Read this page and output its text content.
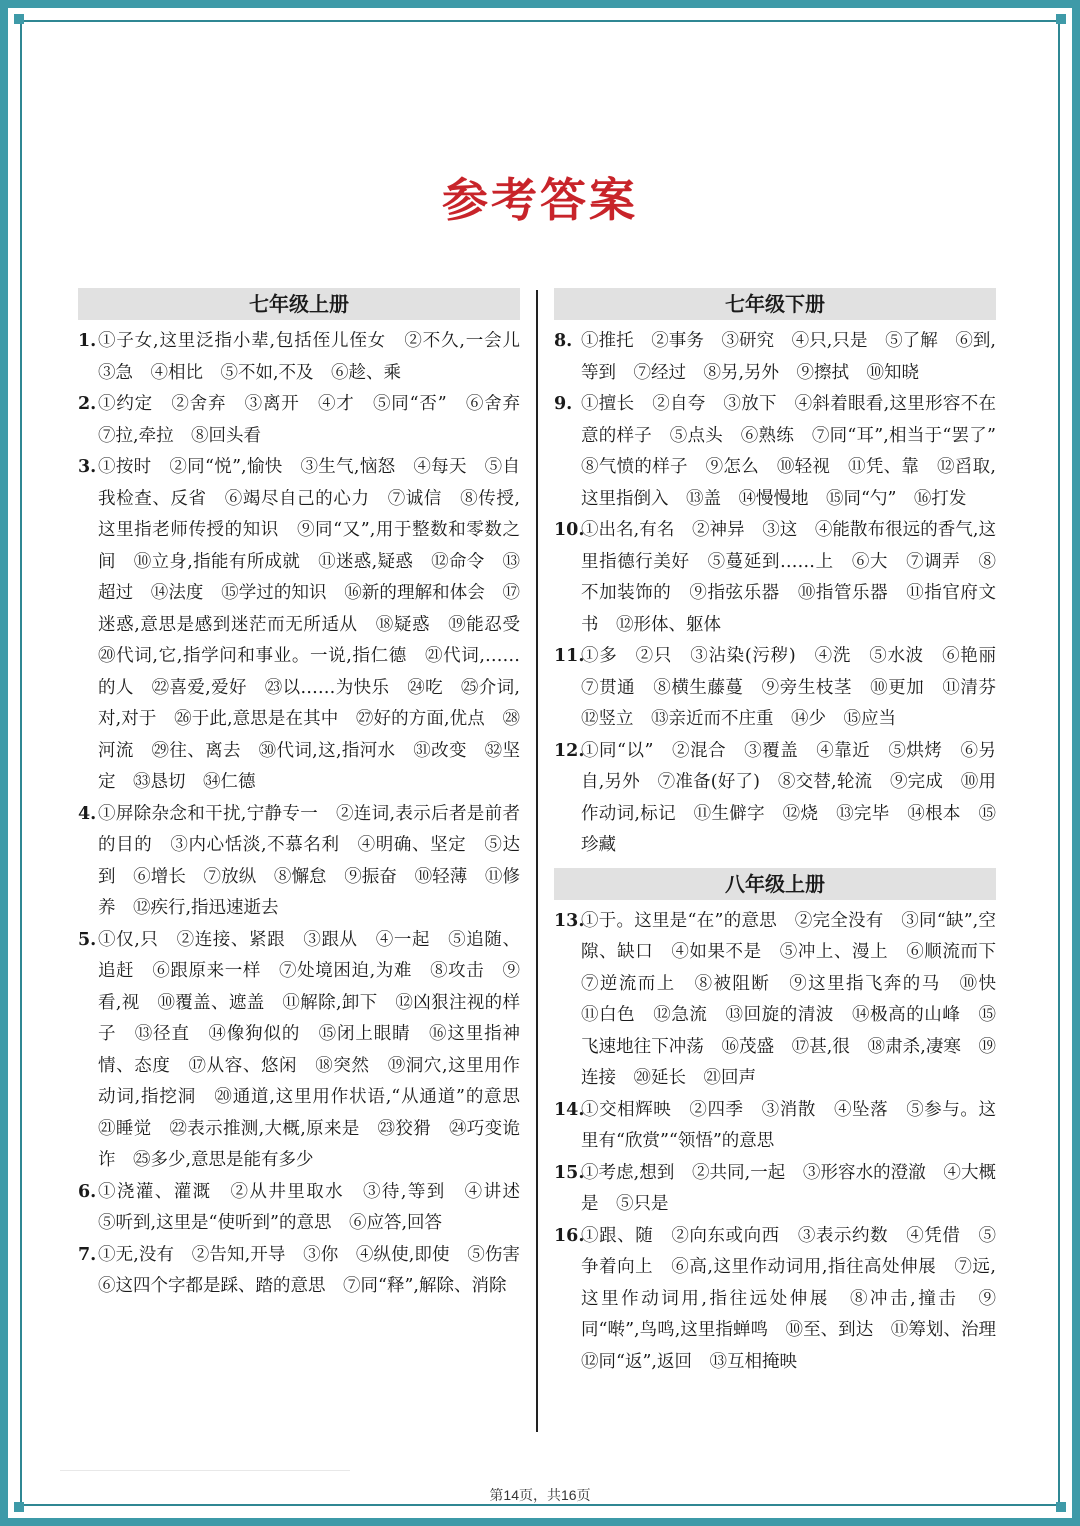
参考答案
七年级上册
1. ①子女,这里泛指小辈,包括侄儿侄女　②不久,一会儿　③急　④相比　⑤不如,不及　⑥趁、乘
2. ①约定　②舍弃　③离开　④才　⑤同“否”　⑥舍弃　⑦拉,牵拉　⑧回头看
3. ①按时　②同“悦”,愉快　③生气,恼怒　④每天　⑤自我检查、反省　⑥竭尽自己的心力　⑦诚信　⑧传授,这里指老师传授的知识　⑨同“又”,用于整数和零数之间　⑩立身,指能有所成就　⑪迷惑,疑惑　⑫命令　⑬超过　⑭法度　⑮学过的知识　⑯新的理解和体会　⑰迷惑,意思是感到迷茫而无所适从　⑱疑惑　⑲能忍受　⑳代词,它,指学问和事业。一说,指仁德　㉑代词,……的人　㉒喜爱,爱好　㉓以……为快乐　㉔吃　㉕介词,对,对于　㉖于此,意思是在其中　㉗好的方面,优点　㉘河流　㉙往、离去　㉚代词,这,指河水　㉛改变　㉜坚定　㉝恳切　㉞仁德
4. ①屏除杂念和干扰,宁静专一　②连词,表示后者是前者的目的　③内心恬淡,不慕名利　④明确、坚定　⑤达到　⑥增长　⑦放纵　⑧懈怠　⑨振奋　⑩轻薄　⑪修养　⑫疾行,指迅速逝去
5. ①仅,只　②连接、紧跟　③跟从　④一起　⑤追随、追赶　⑥跟原来一样　⑦处境困迫,为难　⑧攻击　⑨看,视　⑩覆盖、遮盖　⑪解除,卸下　⑫凶狠注视的样子　⑬径直　⑭像狗似的　⑮闭上眼睛　⑯这里指神情、态度　⑰从容、悠闲　⑱突然　⑲洞穴,这里用作动词,指挖洞　⑳通道,这里用作状语,“从通道”的意思　㉑睡觉　㉒表示推测,大概,原来是　㉓狡猾　㉔巧变诡诈　㉕多少,意思是能有多少
6. ①浇灌、灌溉　②从井里取水　③待,等到　④讲述　⑤听到,这里是“使听到”的意思　⑥应答,回答
7. ①无,没有　②告知,开导　③你　④纵使,即使　⑤伤害　⑥这四个字都是踩、踏的意思　⑦同“释”,解除、消除
七年级下册
8. ①推托　②事务　③研究　④只,只是　⑤了解　⑥到,等到　⑦经过　⑧另,另外　⑨擦拭　⑩知晓
9. ①擅长　②自夸　③放下　④斜着眼看,这里形容不在意的样子　⑤点头　⑥熟练　⑦同“耳”,相当于“罢了”　⑧气愤的样子　⑨怎么　⑩轻视　⑪凭、靠　⑫舀取,这里指倒入　⑬盖　⑭慢慢地　⑮同“勺”　⑯打发
10.
①出名,有名　②神异　③这　④能散布很远的香气,这里指德行美好　⑤蔓延到……上　⑥大　⑦调弄　⑧不加装饰的　⑨指弦乐器　⑩指管乐器　⑪指官府文书　⑫形体、躯体
11.
①多　②只　③沾染(污秽)　④洗　⑤水波　⑥艳丽　⑦贯通　⑧横生藤蔓　⑨旁生枝茎　⑩更加　⑪清芬　⑫竖立　⑬亲近而不庄重　⑭少　⑮应当
12.
①同“以”　②混合　③覆盖　④靠近　⑤烘烤　⑥另自,另外　⑦准备(好了)　⑧交替,轮流　⑨完成　⑩用作动词,标记　⑪生僻字　⑫烧　⑬完毕　⑭根本　⑮珍藏
八年级上册
13.
①于。这里是“在”的意思　②完全没有　③同“缺”,空隙、缺口　④如果不是　⑤冲上、漫上　⑥顺流而下　⑦逆流而上　⑧被阻断　⑨这里指飞奔的马　⑩快　⑪白色　⑫急流　⑬回旋的清波　⑭极高的山峰　⑮飞速地往下冲荡　⑯茂盛　⑰甚,很　⑱肃杀,凄寒　⑲连接　⑳延长　㉑回声
14.
①交相辉映　②四季　③消散　④坠落　⑤参与。这里有“欣赏”“领悟”的意思
15.
①考虑,想到　②共同,一起　③形容水的澄澈　④大概是　⑤只是
16.
①跟、随　②向东或向西　③表示约数　④凭借　⑤争着向上　⑥高,这里作动词用,指往高处伸展　⑦远,这里作动词用,指往远处伸展　⑧冲击,撞击　⑨同“啭”,鸟鸣,这里指蝉鸣　⑩至、到达　⑪筹划、治理　⑫同“返”,返回　⑬互相掩映
第14页，共16页
